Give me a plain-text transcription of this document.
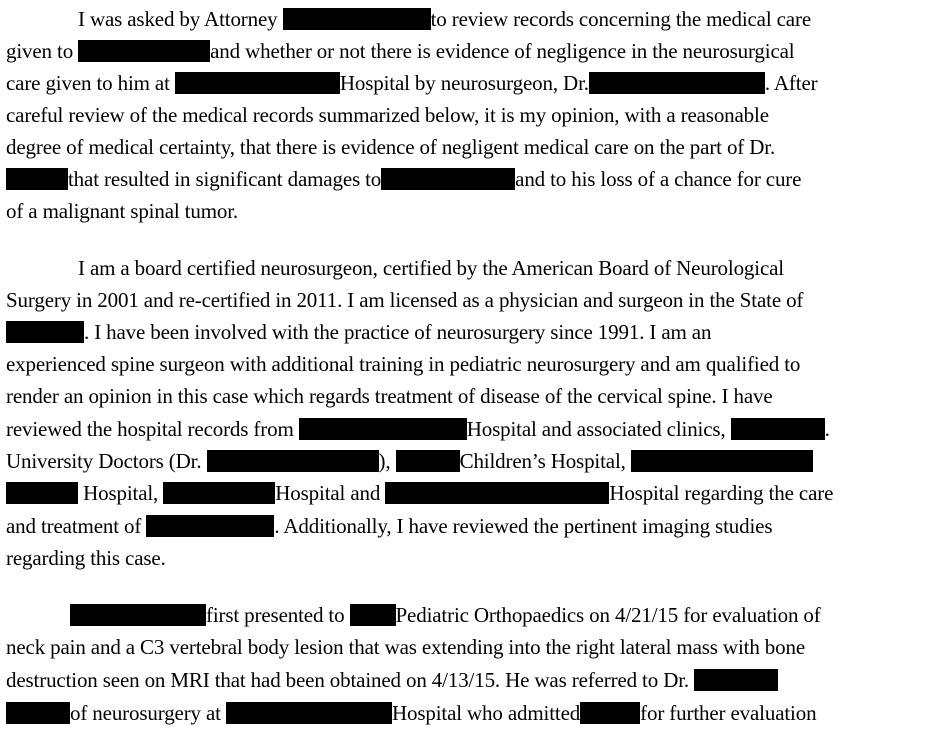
I was asked by Attorney	to review records concerning the medical care
given to	and whether or not there is evidence of negligence in the neurosurgical
care given to him at	Hospital by neurosurgeon, Dr.	. After
careful review of the medical records summarized below, it is my opinion, with a reasonable
degree of medical certainty, that there is evidence of negligent medical care on the part of Dr.
that resulted in significant damages to	and to his loss of a chance for cure
of a malignant spinal tumor.
I am a board certified neurosurgeon, certified by the American Board of Neurological
Surgery in 2001 and re-certified in 2011. I am licensed as a physician and surgeon in the State of
. I have been involved with the practice of neurosurgery since 1991. I am an
experienced spine surgeon with additional training in pediatric neurosurgery and am qualified to
render an opinion in this case which regards treatment of disease of the cervical spine. I have
reviewed the hospital records from	Hospital and associated clinics,	.
University Doctors (Dr.	),	Children’s Hospital,
Hospital,	Hospital and	Hospital regarding the care
and treatment of	. Additionally, I have reviewed the pertinent imaging studies
regarding this case.
first presented to Pediatric Orthopaedics on 4/21/15 for evaluation of
neck pain and a C3 vertebral body lesion that was extending into the right lateral mass with bone
destruction seen on MRI that had been obtained on 4/13/15. He was referred to Dr.
of neurosurgery at	Hospital who admitted	for further evaluation
